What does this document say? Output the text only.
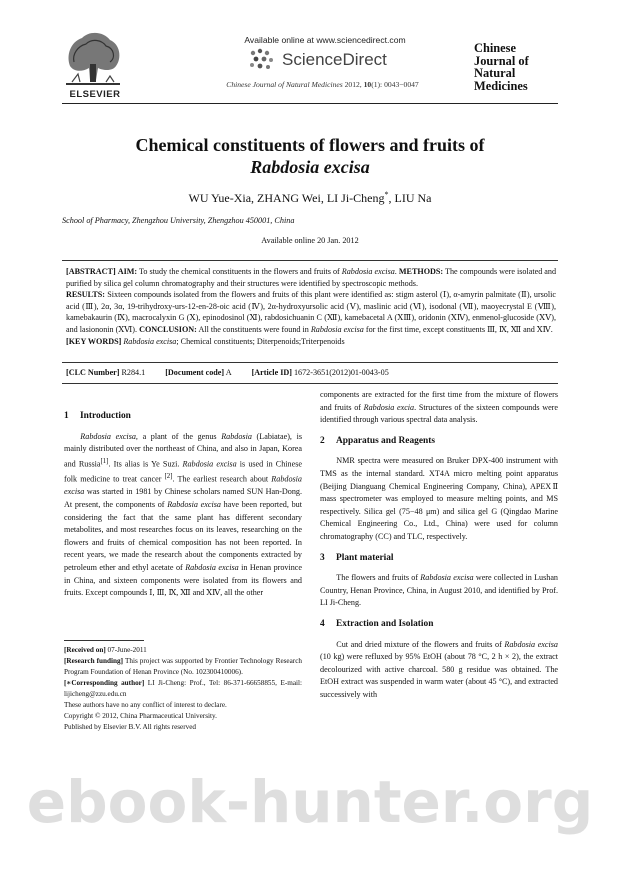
ELSEVIER
Available online at www.sciencedirect.com
ScienceDirect
Chinese Journal of Natural Medicines 2012, 10(1): 0043−0047
Chinese
Journal of
Natural
Medicines
Chemical constituents of flowers and fruits of
Rabdosia excisa
WU Yue-Xia, ZHANG Wei, LI Ji-Cheng*, LIU Na
School of Pharmacy, Zhengzhou University, Zhengzhou 450001, China
Available online 20 Jan. 2012
[ABSTRACT] AIM: To study the chemical constituents in the flowers and fruits of Rabdosia excisa. METHODS: The compounds were isolated and purified by silica gel column chromatography and their structures were identified by spectroscopic methods.
RESULTS: Sixteen compounds isolated from the flowers and fruits of this plant were identified as: stigm asterol (Ⅰ), α-amyrin palmitate (Ⅱ), ursolic acid (Ⅲ), 2α, 3α, 19-trihydroxy-urs-12-en-28-oic acid (Ⅳ), 2α-hydroxyursolic acid (Ⅴ), maslinic acid (Ⅵ), isodonal (Ⅶ), maoyecrystal E (Ⅷ), kamebakaurin (Ⅸ), macrocalyxin G (Ⅹ), epinodosinol (Ⅺ), rabdosichuanin C (Ⅻ), kamebacetal A (ⅩⅢ), oridonin (ⅩⅣ), enmenol-glucoside (ⅩⅤ), and lasiononin (ⅩⅥ). CONCLUSION: All the constituents were found in Rabdosia excisa for the first time, except constituents Ⅲ, Ⅸ, Ⅻ and ⅩⅣ.
[KEY WORDS] Rabdosia excisa; Chemical constituents; Diterpenoids;Triterpenoids
[CLC Number] R284.1 [Document code] A [Article ID] 1672-3651(2012)01-0043-05
1 Introduction

Rabdosia excisa, a plant of the genus Rabdosia (Labiatae), is mainly distributed over the northeast of China, and also in Japan, Korea and Russia[1]. Its alias is Ye Suzi. Rabdosia excisa is used in Chinese folk medicine to treat cancer [2]. The earliest research about Rabdosia excisa was started in 1981 by Chinese scholars named SUN Han-Dong. At present, the components of Rabdosia excisa have been reported, but considering the fact that the same plant has different secondary metabolites, and most researches focus on its leaves, researching on the flowers and fruits of chemical composition has not been reported. In recent years, we made the research about the components extracted by petroleum ether and ethyl acetate of Rabdosia excisa in Henan province in China, and sixteen components were isolated from its flowers and fruits. Except compounds Ⅰ, Ⅲ, Ⅸ, Ⅻ and ⅩⅣ, all the other

[Received on] 07-June-2011
[Research funding] This project was supported by Frontier Technology Research Program Foundation of Henan Province (No. 102300410006).
[∗Corresponding author] LI Ji-Cheng: Prof., Tel: 86-371-66658855, E-mail: lijicheng@zzu.edu.cn
These authors have no any conflict of interest to declare.
Copyright © 2012, China Pharmaceutical University.
Published by Elsevier B.V. All rights reserved

components are extracted for the first time from the mixture of flowers and fruits of Rabdosia excia. Structures of the sixteen compounds were identified through various spectral data analysis.

2 Apparatus and Reagents

NMR spectra were measured on Bruker DPX-400 instrument with TMS as the internal standard. XT4A micro melting point apparatus (Beijing Dianguang Chemical Engineering Company, China), APEXⅡ mass spectrometer was employed to measure melting points, and MS respectively. Silica gel (75−48 μm) and silica gel G (Qingdao Marine Chemical Engineering Co., Ltd., China) were used for column chromatography (CC) and TLC, respectively.

3 Plant material

The flowers and fruits of Rabdosia excisa were collected in Lushan Country, Henan Province, China, in August 2010, and identified by Prof. LI Ji-Cheng.

4 Extraction and Isolation

Cut and dried mixture of the flowers and fruits of Rabdosia excisa (10 kg) were refluxed by 95% EtOH (about 78 °C, 2 h × 2), the extract decolourized with active charcoal. 580 g residue was obtained. The EtOH extract was suspended in warm water (about 45 °C), and extracted successively with

ebook-hunter.org
